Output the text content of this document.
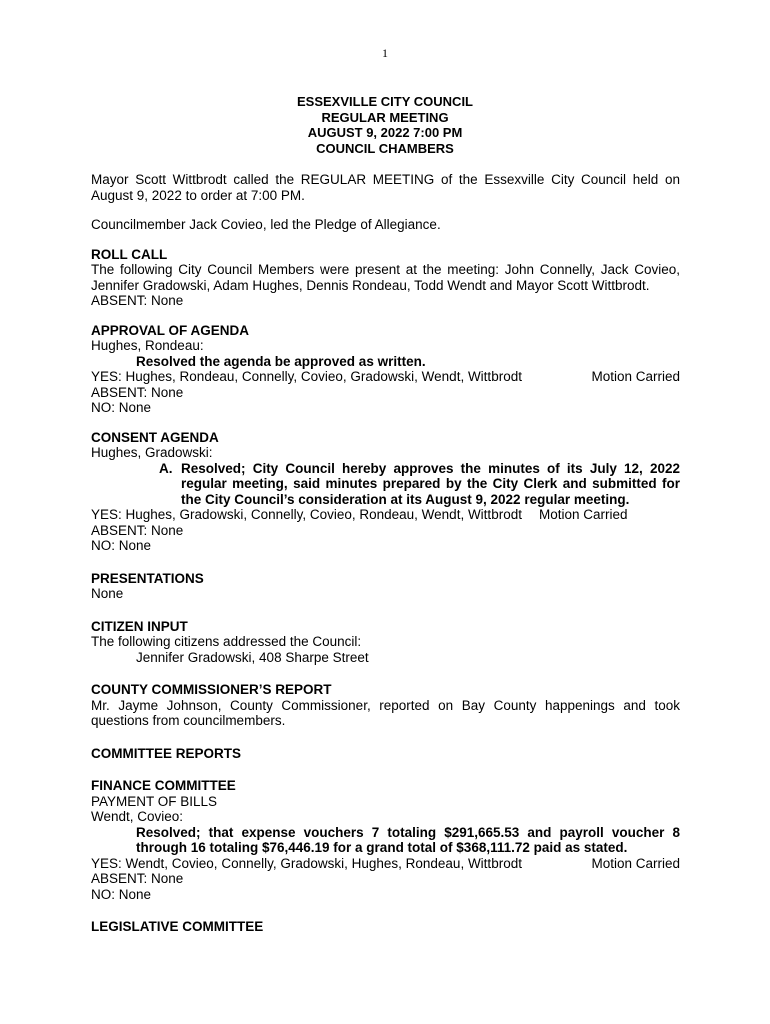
1
ESSEXVILLE CITY COUNCIL
REGULAR MEETING
AUGUST 9, 2022 7:00 PM
COUNCIL CHAMBERS
Mayor Scott Wittbrodt called the REGULAR MEETING of the Essexville City Council held on August 9, 2022 to order at 7:00 PM.
Councilmember Jack Covieo, led the Pledge of Allegiance.
ROLL CALL
The following City Council Members were present at the meeting: John Connelly, Jack Covieo, Jennifer Gradowski, Adam Hughes, Dennis Rondeau, Todd Wendt and Mayor Scott Wittbrodt.
ABSENT: None
APPROVAL OF AGENDA
Hughes, Rondeau:
Resolved the agenda be approved as written.
YES: Hughes, Rondeau, Connelly, Covieo, Gradowski, Wendt, Wittbrodt	Motion Carried
ABSENT: None
NO: None
CONSENT AGENDA
Hughes, Gradowski:
A. Resolved; City Council hereby approves the minutes of its July 12, 2022 regular meeting, said minutes prepared by the City Clerk and submitted for the City Council’s consideration at its August 9, 2022 regular meeting.
YES: Hughes, Gradowski, Connelly, Covieo, Rondeau, Wendt, Wittbrodt Motion Carried
ABSENT: None
NO: None
PRESENTATIONS
None
CITIZEN INPUT
The following citizens addressed the Council:
Jennifer Gradowski, 408 Sharpe Street
COUNTY COMMISSIONER’S REPORT
Mr. Jayme Johnson, County Commissioner, reported on Bay County happenings and took questions from councilmembers.
COMMITTEE REPORTS
FINANCE COMMITTEE
PAYMENT OF BILLS
Wendt, Covieo:
Resolved; that expense vouchers 7 totaling $291,665.53 and payroll voucher 8 through 16 totaling $76,446.19 for a grand total of $368,111.72 paid as stated.
YES: Wendt, Covieo, Connelly, Gradowski, Hughes, Rondeau, Wittbrodt	Motion Carried
ABSENT: None
NO: None
LEGISLATIVE COMMITTEE
